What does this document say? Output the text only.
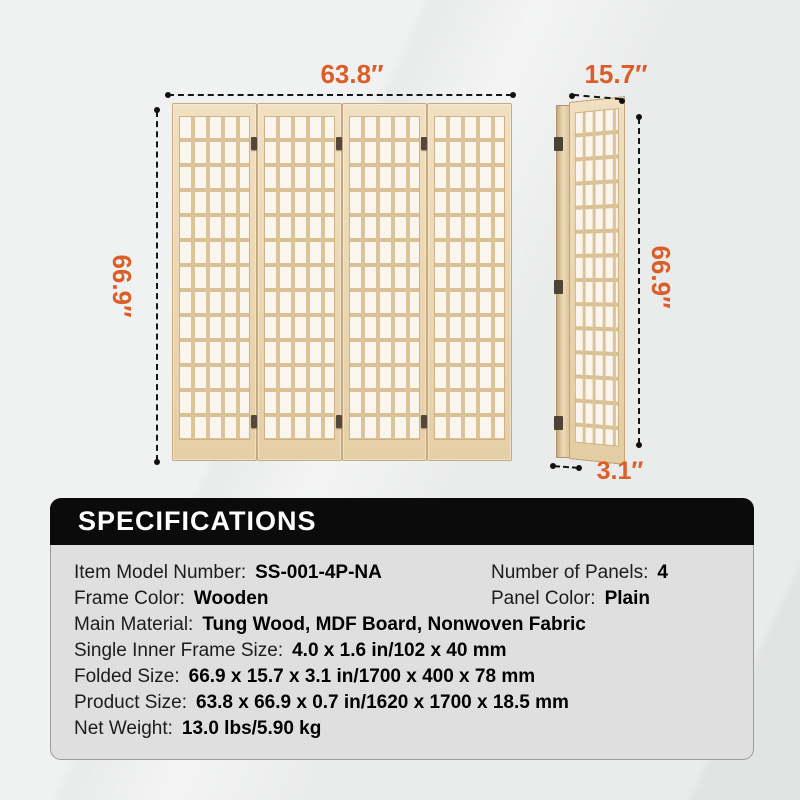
63.8″
66.9″
15.7″
66.9″
3.1″
SPECIFICATIONS
Item Model Number: SS-001-4P-NA	Number of Panels: 4
Frame Color: Wooden	Panel Color: Plain
Main Material: Tung Wood, MDF Board, Nonwoven Fabric
Single Inner Frame Size: 4.0 x 1.6 in/102 x 40 mm
Folded Size: 66.9 x 15.7 x 3.1 in/1700 x 400 x 78 mm
Product Size: 63.8 x 66.9 x 0.7 in/1620 x 1700 x 18.5 mm
Net Weight: 13.0 lbs/5.90 kg
